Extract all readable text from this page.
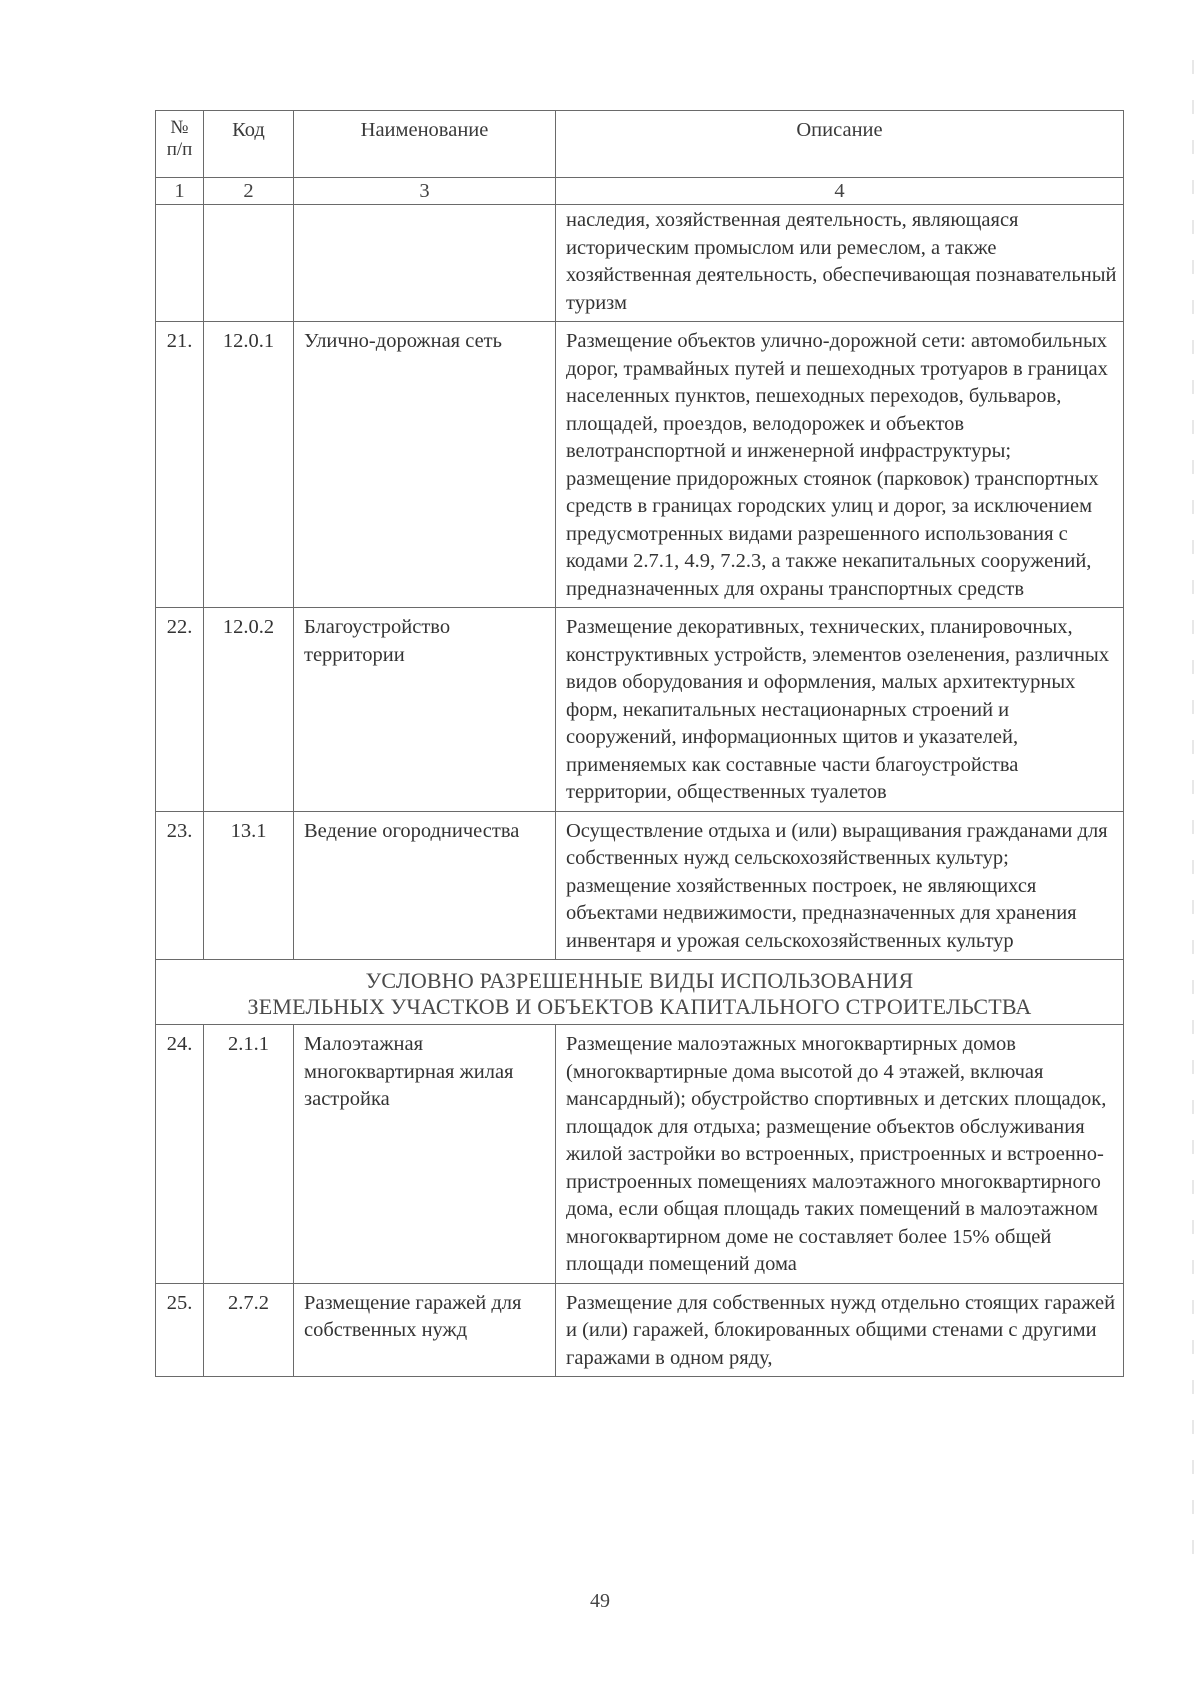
№ п/п	Код	Наименование	Описание
1	2	3	4
			наследия, хозяйственная деятельность, являющаяся историческим промыслом или ремеслом, а также хозяйственная деятельность, обеспечивающая познавательный туризм
21.	12.0.1	Улично-дорожная сеть	Размещение объектов улично-дорожной сети: автомобильных дорог, трамвайных путей и пешеходных тротуаров в границах населенных пунктов, пешеходных переходов, бульваров, площадей, проездов, велодорожек и объектов велотранспортной и инженерной инфраструктуры; размещение придорожных стоянок (парковок) транспортных средств в границах городских улиц и дорог, за исключением предусмотренных видами разрешенного использования с кодами 2.7.1, 4.9, 7.2.3, а также некапитальных сооружений, предназначенных для охраны транспортных средств
22.	12.0.2	Благоустройство территории	Размещение декоративных, технических, планировочных, конструктивных устройств, элементов озеленения, различных видов оборудования и оформления, малых архитектурных форм, некапитальных нестационарных строений и сооружений, информационных щитов и указателей, применяемых как составные части благоустройства территории, общественных туалетов
23.	13.1	Ведение огородничества	Осуществление отдыха и (или) выращивания гражданами для собственных нужд сельскохозяйственных культур; размещение хозяйственных построек, не являющихся объектами недвижимости, предназначенных для хранения инвентаря и урожая сельскохозяйственных культур

УСЛОВНО РАЗРЕШЕННЫЕ ВИДЫ ИСПОЛЬЗОВАНИЯ
ЗЕМЕЛЬНЫХ УЧАСТКОВ И ОБЪЕКТОВ КАПИТАЛЬНОГО СТРОИТЕЛЬСТВА			

24.	2.1.1	Малоэтажная многоквартирная жилая застройка	Размещение малоэтажных многоквартирных домов (многоквартирные дома высотой до 4 этажей, включая мансардный); обустройство спортивных и детских площадок, площадок для отдыха; размещение объектов обслуживания жилой застройки во встроенных, пристроенных и встроенно-пристроенных помещениях малоэтажного многоквартирного дома, если общая площадь таких помещений в малоэтажном многоквартирном доме не составляет более 15% общей площади помещений дома
25.	2.7.2	Размещение гаражей для собственных нужд	Размещение для собственных нужд отдельно стоящих гаражей и (или) гаражей, блокированных общими стенами с другими гаражами в одном ряду,
49
